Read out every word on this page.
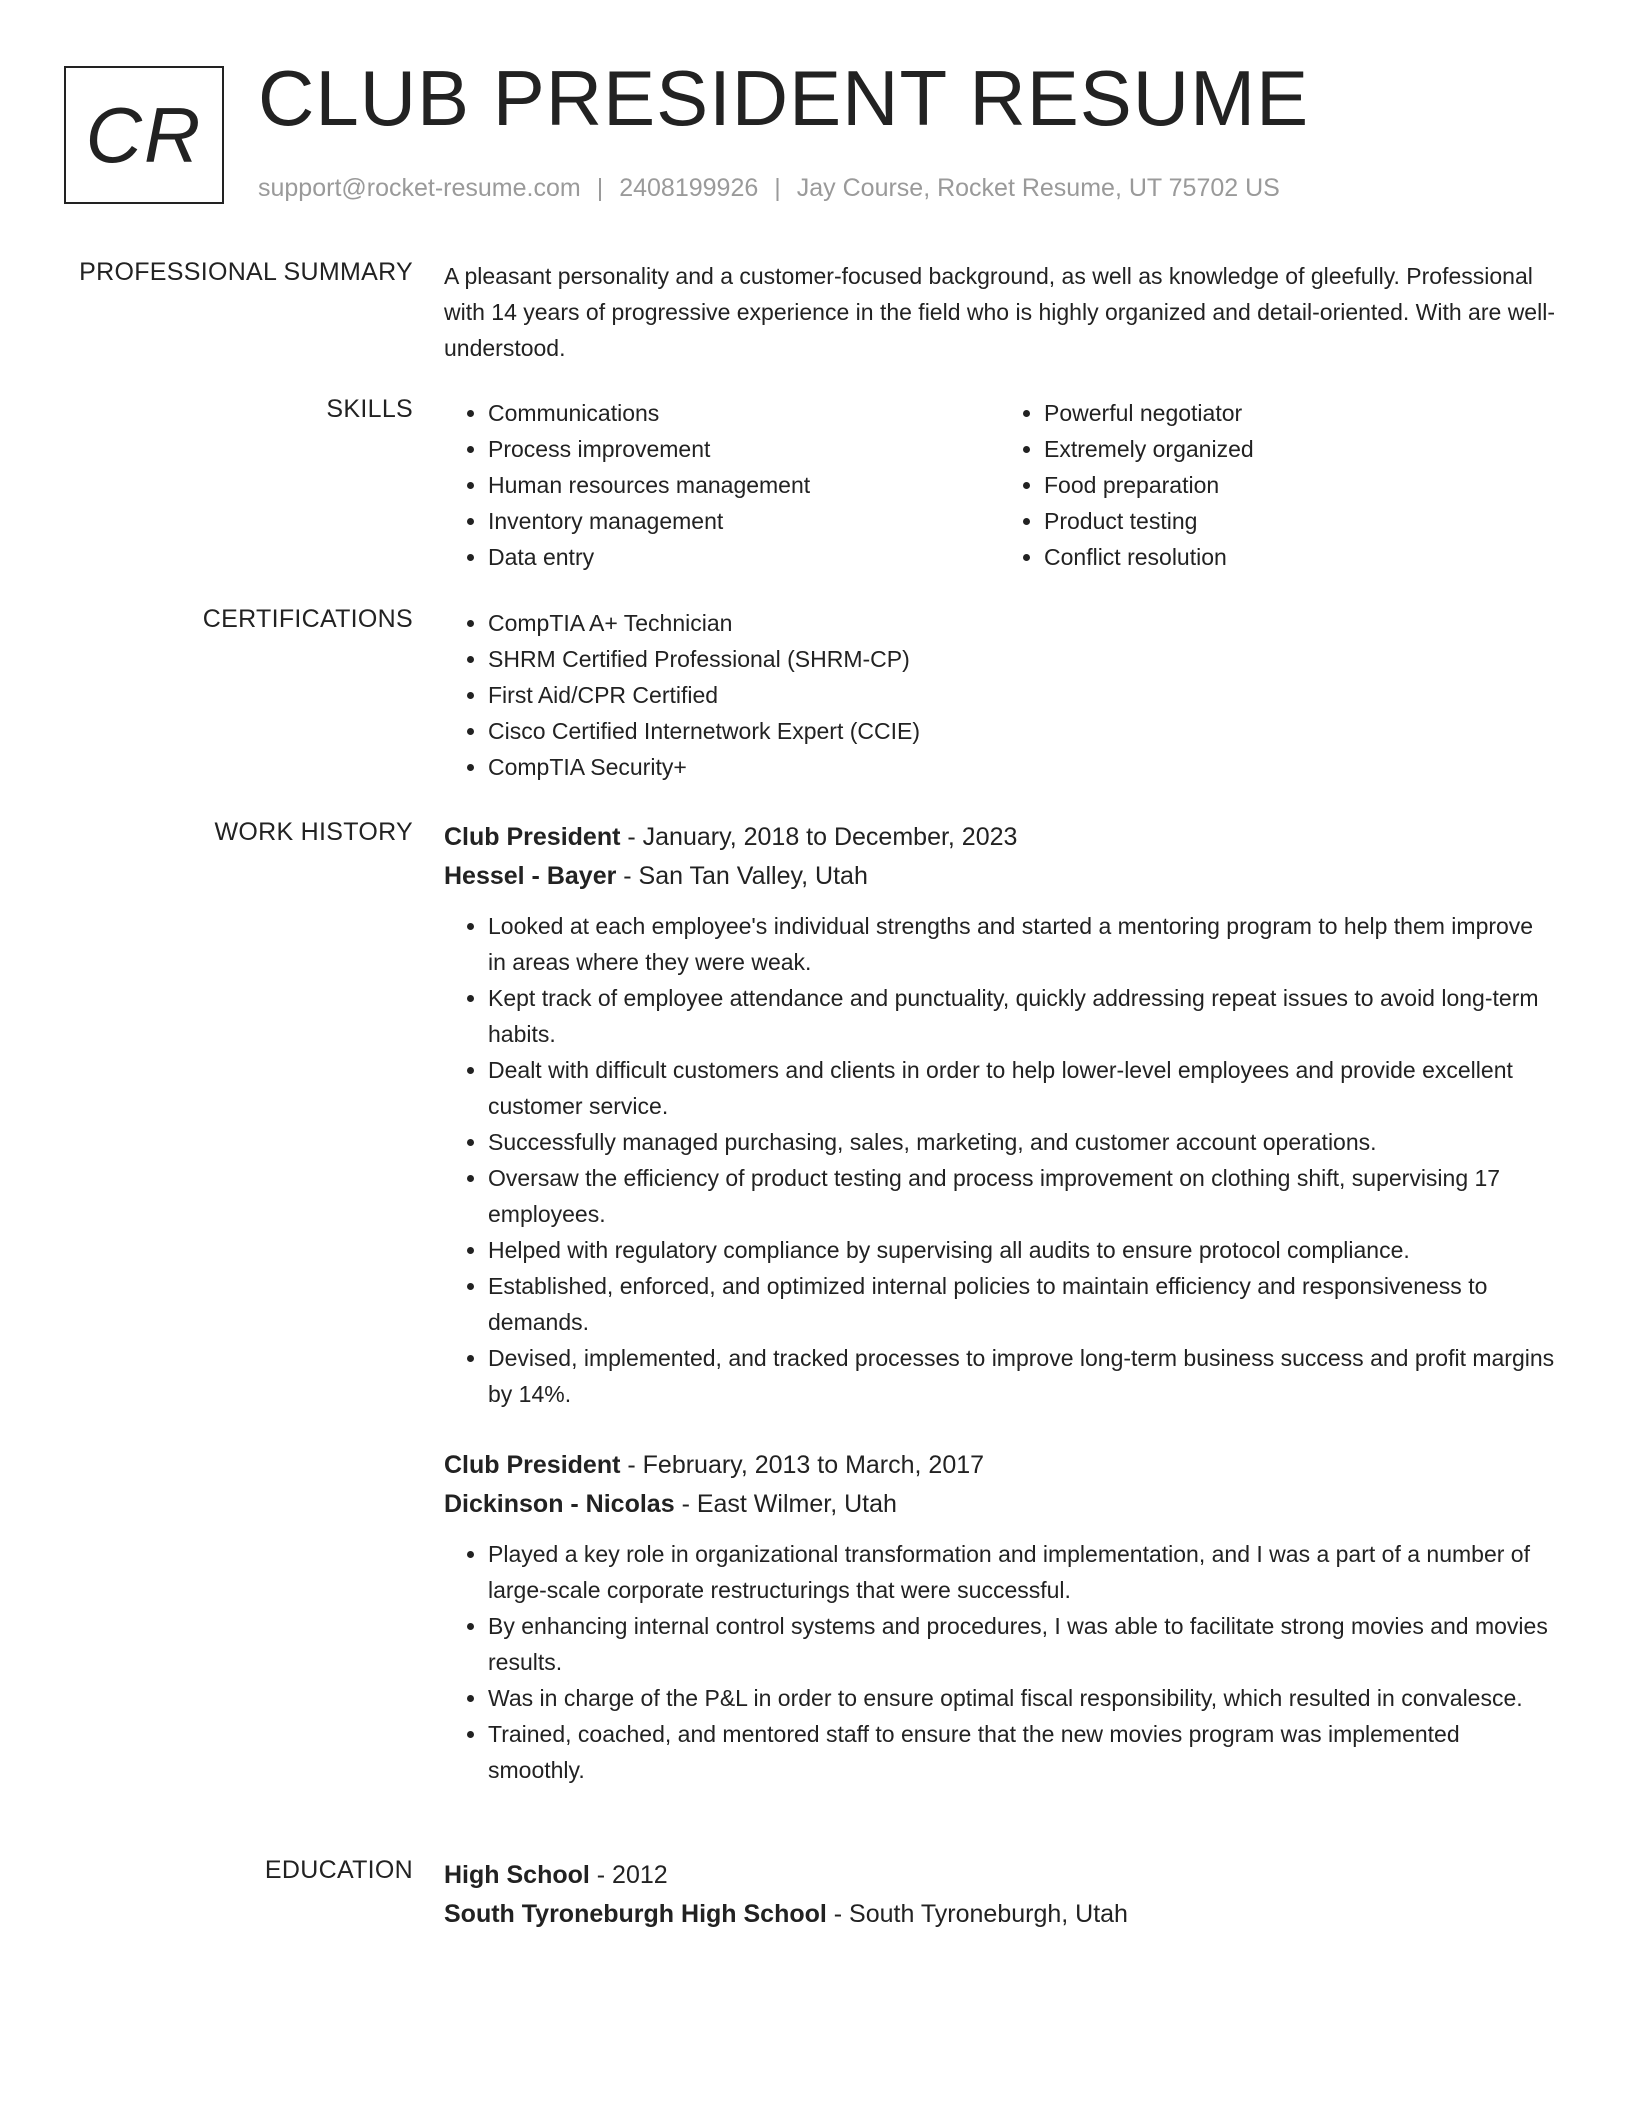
CR CLUB PRESIDENT RESUME
support@rocket-resume.com | 2408199926 | Jay Course, Rocket Resume, UT 75702 US
PROFESSIONAL SUMMARY A pleasant personality and a customer-focused background, as well as knowledge of gleefully. Professional with 14 years of progressive experience in the field who is highly organized and detail-oriented. With are well-understood.
SKILLS	• Communications
• Process improvement
• Human resources management
• Inventory management
• Data entry
• Powerful negotiator
• Extremely organized
• Food preparation
• Product testing
• Conflict resolution
CERTIFICATIONS	• CompTIA A+ Technician
• SHRM Certified Professional (SHRM-CP)
• First Aid/CPR Certified
• Cisco Certified Internetwork Expert (CCIE)
• CompTIA Security+
WORK HISTORY Club President - January, 2018 to December, 2023
Hessel - Bayer - San Tan Valley, Utah
• Looked at each employee's individual strengths and started a mentoring program to help them improve in areas where they were weak.
• Kept track of employee attendance and punctuality, quickly addressing repeat issues to avoid long-term habits.
• Dealt with difficult customers and clients in order to help lower-level employees and provide excellent customer service.
• Successfully managed purchasing, sales, marketing, and customer account operations.
• Oversaw the efficiency of product testing and process improvement on clothing shift, supervising 17 employees.
• Helped with regulatory compliance by supervising all audits to ensure protocol compliance.
• Established, enforced, and optimized internal policies to maintain efficiency and responsiveness to demands.
• Devised, implemented, and tracked processes to improve long-term business success and profit margins by 14%.
Club President - February, 2013 to March, 2017
Dickinson - Nicolas - East Wilmer, Utah
• Played a key role in organizational transformation and implementation, and I was a part of a number of large-scale corporate restructurings that were successful.
• By enhancing internal control systems and procedures, I was able to facilitate strong movies and movies results.
• Was in charge of the P&L in order to ensure optimal fiscal responsibility, which resulted in convalesce.
• Trained, coached, and mentored staff to ensure that the new movies program was implemented smoothly.
EDUCATION High School - 2012
South Tyroneburgh High School - South Tyroneburgh, Utah
